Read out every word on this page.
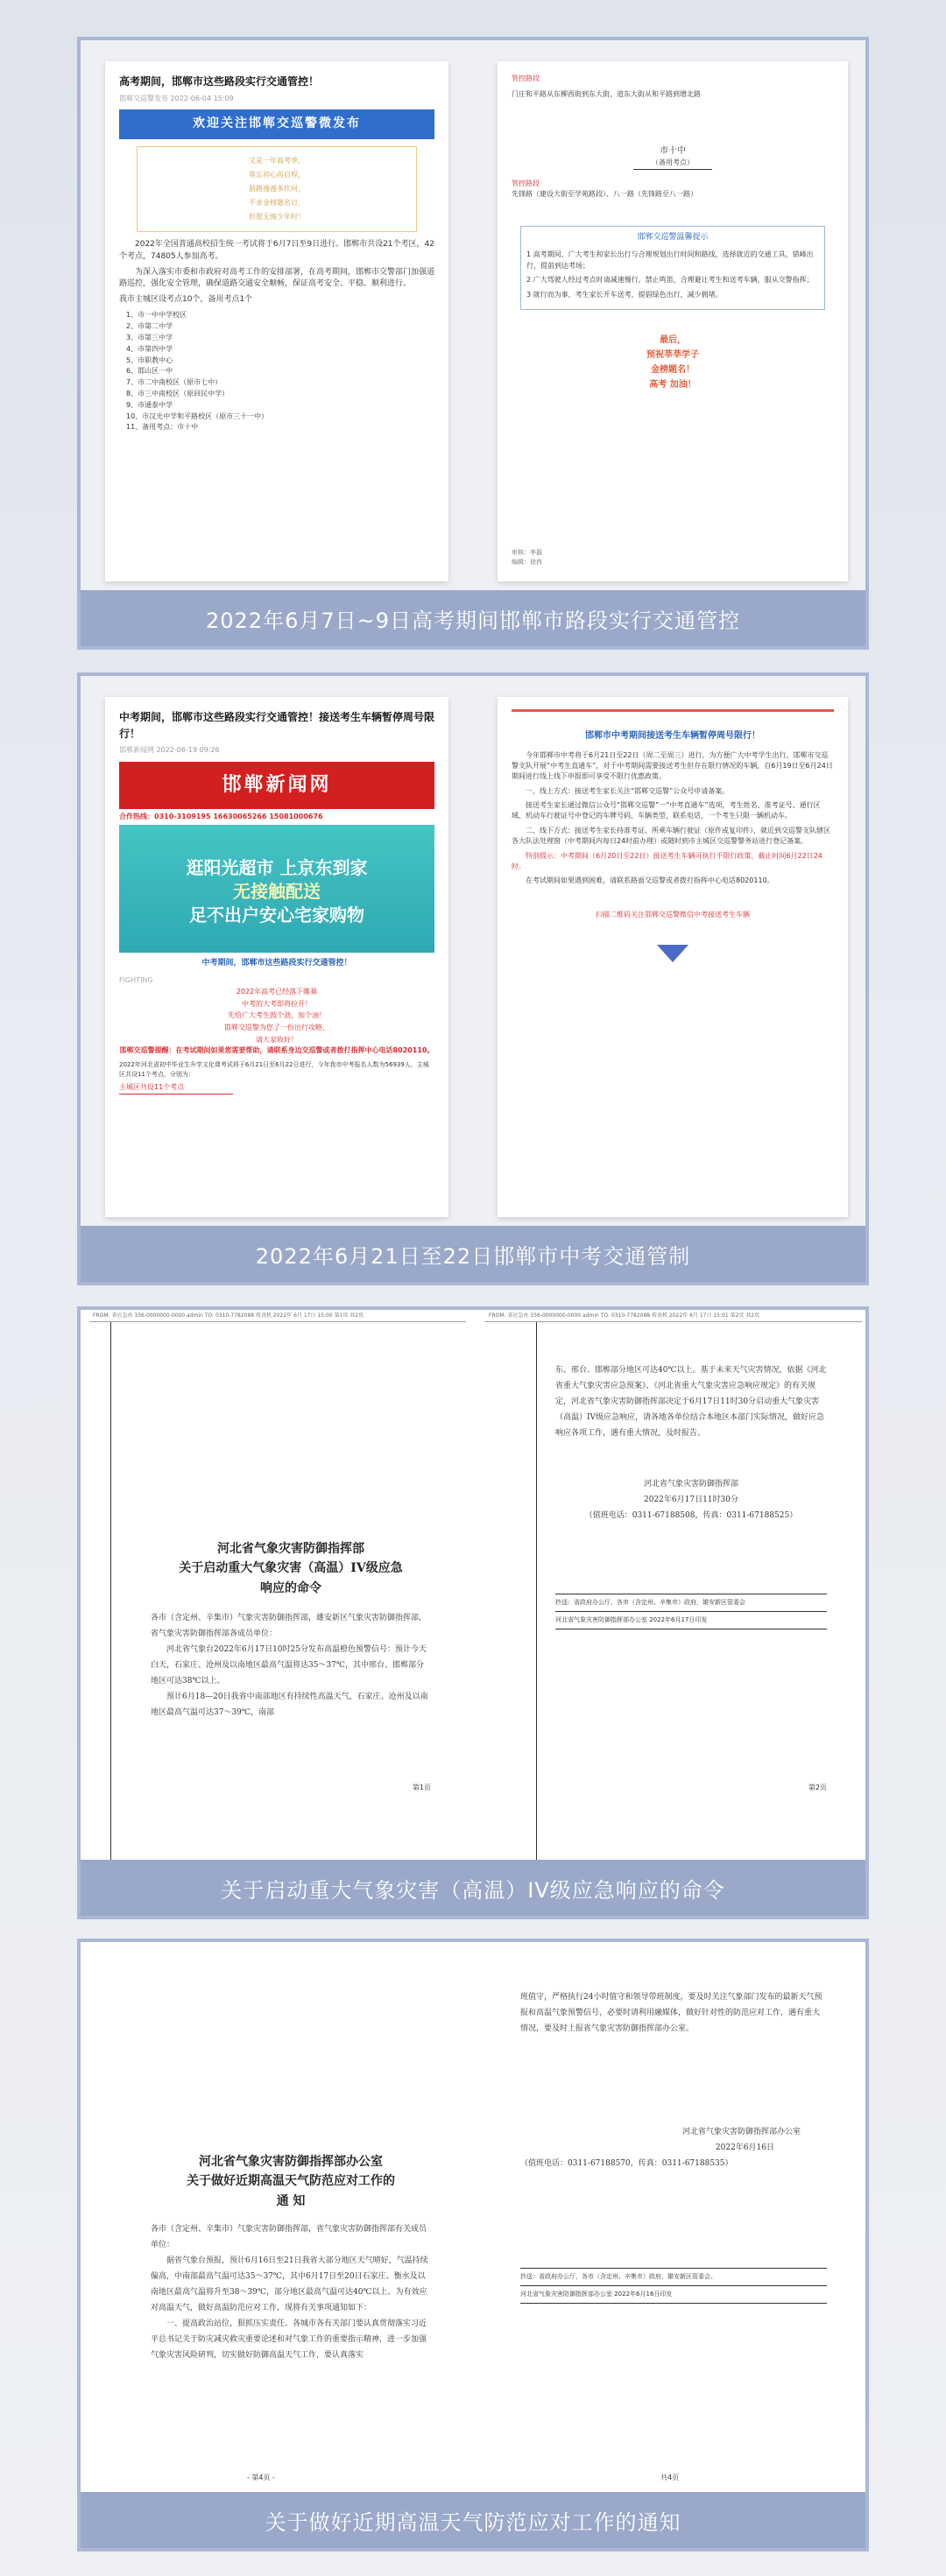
高考期间，邯郸市这些路段实行交通管控！
邯郸交巡警发布 2022-06-04 15:09
欢迎关注邯郸交巡警微发布
又是一年高考季，
莫忘初心再启程，
前路漫漫多坎坷，
不求金榜题名日，
但愿无悔少年时！

2022年全国普通高校招生统一考试将于6月7日至9日进行。邯郸市共设21个考区，42个考点，74805人参加高考。

为深入落实市委和市政府对高考工作的安排部署，在高考期间，邯郸市交警部门加强道路巡控，强化安全管理，确保道路交通安全顺畅，保证高考安全、平稳、顺利进行。

我市主城区设考点10个，备用考点1个

1、市一中中学校区
2、市第二中学
3、市第三中学
4、市第四中学
5、市职教中心
6、邯山区一中
7、市二中南校区（原市七中）
8、市三中南校区（原回民中学）
9、市通泰中学
10、市汉光中学和平路校区（原市三十一中）
11、备用考点：市十中
管控路段

门庄和平路从东柳西街到东大街、道东大街从和平路到增北路

市十中
（备用考点）
管控路段

先锋路（建设大街至学苑路段）、八一路（先锋路至八一路）

邯郸交巡警温馨提示

1 高考期间，广大考生和家长出行与合理规划出行时间和路线，选择就近的交通工具，错峰出行，提前到达考场；

2 广大驾驶人经过考点时请减速慢行，禁止鸣笛，合理避让考生和送考车辆，服从交警指挥；

3 就行而为事，考生家长开车送考，提倡绿色出行，减少拥堵。

最后，
预祝莘莘学子
金榜题名！
高考 加油！
审核：李磊
编辑：徐冉
2022年6月7日~9日高考期间邯郸市路段实行交通管控
中考期间，邯郸市这些路段实行交通管控！接送考生车辆暂停周号限行！
邯郸新闻网 2022-06-19 09:26
邯郸新闻网
合作热线：0310-3109195 16630065266 15081000676
逛阳光超市 上京东到家
无接触配送
足不出户安心宅家购物
中考期间，邯郸市这些路段实行交通管控！
FIGHTING
2022年高考已经落下帷幕
中考的大考即将拉开！
先给广大考生鼓个劲，加个油！
邯郸交巡警为您了一份出行攻略，
请大家收好！

邯郸交巡警提醒：在考试期间如果您需要帮助，请联系身边交巡警或者拨打指挥中心电话8020110。

2022年河北省初中毕业生升学文化课考试将于6月21日至6月22日进行，今年我市中考报名人数为56939人，主城区共设11个考点，分别为：

主城区共设11个考点
邯郸市中考期间接送考生车辆暂停周号限行！

今年邯郸市中考将于6月21日至22日（周二至周三）进行，为方便广大中考学生出行，邯郸市交巡警支队开展“中考生直通车”，对于中考期间需要接送考生但存在限行情况的车辆，自6月19日至6月24日期间进行线上线下申报即可享受不限行优惠政策。

一、线上方式：接送考生家长关注“邯郸交巡警”公众号申请备案。

接送考生家长通过微信公众号“邯郸交巡警”一“中考直通车”选项，考生姓名、准考证号、通行区域、机动车行驶证号中登记的车牌号码，车辆类型，联系电话，一个考生只限一辆机动车。

二、线下方式：接送考生家长持准考证、所乘车辆行驶证（原件或复印件），就近到交巡警支队辖区各大队法处理窗（中考期间内每日24时前办理）或随时到市主城区交巡警警务站进行登记备案。

特别提示：中考期间（6月20日至22日）接送考生车辆可执行不限行政策，截止时间6月22日24时。

在考试期间如果遇到困难，请联系路面交巡警或者拨打指挥中心电话8020110。

扫描二维码关注邯郸交巡警微信中考接送考生车辆

2022年6月21日至22日邯郸市中考交通管制
FROM: 省应急办 336-0000000-0000 admin TO: 0310-7782088 传真机 2022年 6月 17日 15:00 第1页 共2页
河北省气象灾害防御指挥部
关于启动重大气象灾害（高温）IV级应急响应的命令
各市（含定州、辛集市）气象灾害防御指挥部，雄安新区气象灾害防御指挥部，省气象灾害防御指挥部各成员单位：
河北省气象台2022年6月17日10时25分发布高温橙色预警信号：预计今天白天，石家庄、沧州及以南地区最高气温将达35～37℃，其中邢台、邯郸部分地区可达38℃以上。
预计6月18—20日我省中南部地区有持续性高温天气，石家庄、沧州及以南地区最高气温可达37～39℃，南部
第1页
FROM: 省应急办 336-0000000-0000 admin TO: 0310-7782088 传真机 2022年 6月 17日 15:01 第2页 共2页
东、邢台、邯郸部分地区可达40℃以上。基于未来天气灾害情况，依据《河北省重大气象灾害应急预案》、《河北省重大气象灾害应急响应规定》的有关规定，河北省气象灾害防御指挥部决定于6月17日11时30分启动重大气象灾害（高温）IV级应急响应，请各地各单位结合本地区本部门实际情况，做好应急响应各项工作，遇有重大情况，及时报告。
河北省气象灾害防御指挥部
2022年6月17日11时30分
（值班电话：0311-67188508，传真：0311-67188525）
抄送：省政府办公厅、各市（含定州、辛集市）政府，雄安新区管委会
河北省气象灾害防御指挥部办公室 2022年6月17日印发
第2页
关于启动重大气象灾害（高温）IV级应急响应的命令
河北省气象灾害防御指挥部办公室
关于做好近期高温天气防范应对工作的
通 知
各市（含定州、辛集市）气象灾害防御指挥部，省气象灾害防御指挥部有关成员单位：
据省气象台预报，预计6月16日至21日我省大部分地区天气晴好，气温持续偏高，中南部最高气温可达35～37℃，其中6月17日至20日石家庄、衡水及以南地区最高气温将升至38～39℃，部分地区最高气温可达40℃以上。为有效应对高温天气，做好高温防范应对工作，现将有关事项通知如下：
一、提高政治站位，狠抓压实责任。各城市各有关部门要认真贯彻落实习近平总书记关于防灾减灾救灾重要论述和对气象工作的重要指示精神，进一步加强气象灾害风险研判，切实做好防御高温天气工作，要认真落实
- 第4页 -
班值守，严格执行24小时值守和领导带班制度，要及时关注气象部门发布的最新天气预报和高温气象预警信号，必要时请利用融媒体，做好针对性的防范应对工作，遇有重大情况，要及时上报省气象灾害防御指挥部办公室。
河北省气象灾害防御指挥部办公室
2022年6月16日
（值班电话：0311-67188570，传真：0311-67188535）
抄送：省政府办公厅，各市（含定州、辛集市）政府，雄安新区管委会。
河北省气象灾害防御指挥部办公室 2022年6月16日印发
共4页
关于做好近期高温天气防范应对工作的通知
